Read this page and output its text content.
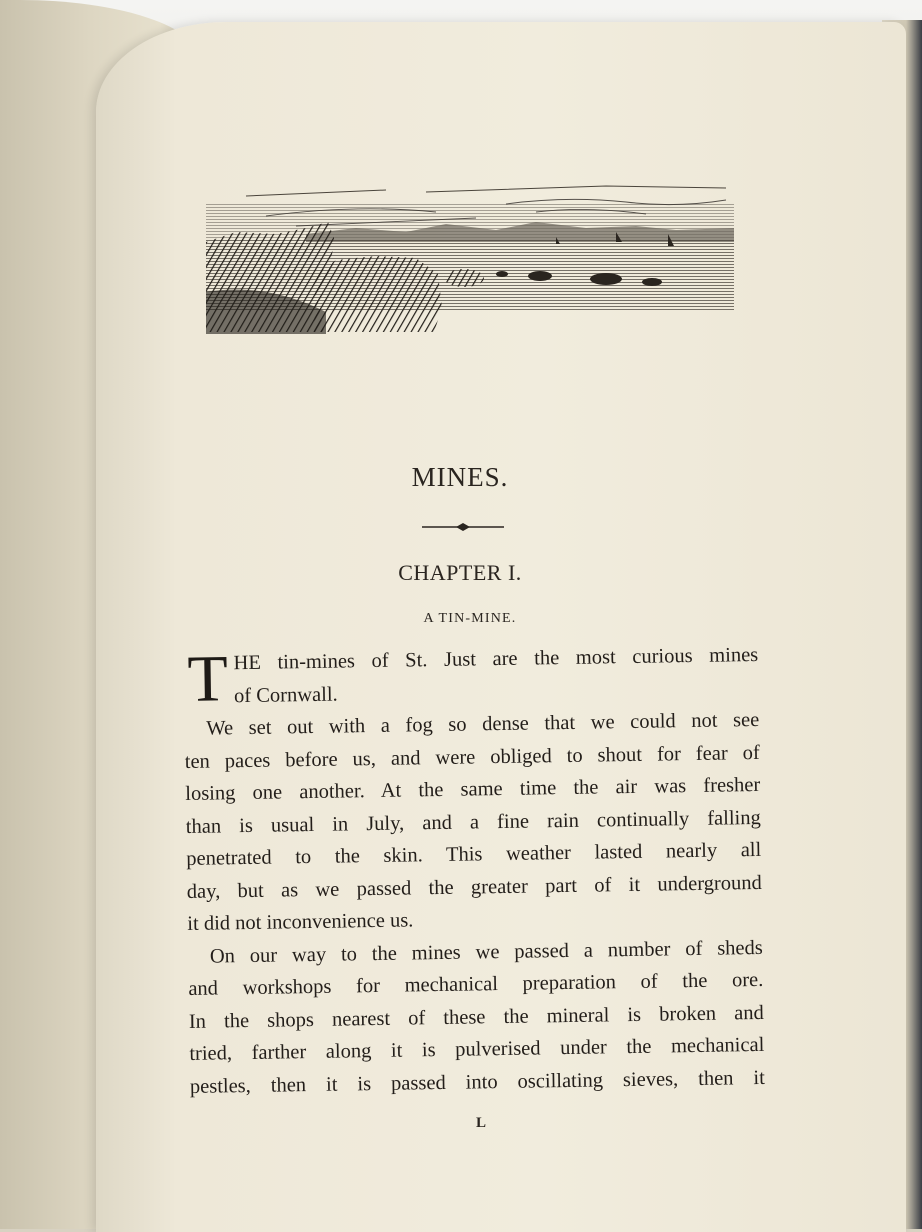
MINES.
CHAPTER I.
A TIN-MINE.
T HE tin-mines of St. Just are the most curious mines
of Cornwall.
We set out with a fog so dense that we could not see
ten paces before us, and were obliged to shout for fear of
losing one another. At the same time the air was fresher
than is usual in July, and a fine rain continually falling
penetrated to the skin. This weather lasted nearly all
day, but as we passed the greater part of it underground
it did not inconvenience us.
On our way to the mines we passed a number of sheds
and workshops for mechanical preparation of the ore.
In the shops nearest of these the mineral is broken and
tried, farther along it is pulverised under the mechanical
pestles, then it is passed into oscillating sieves, then it
L
